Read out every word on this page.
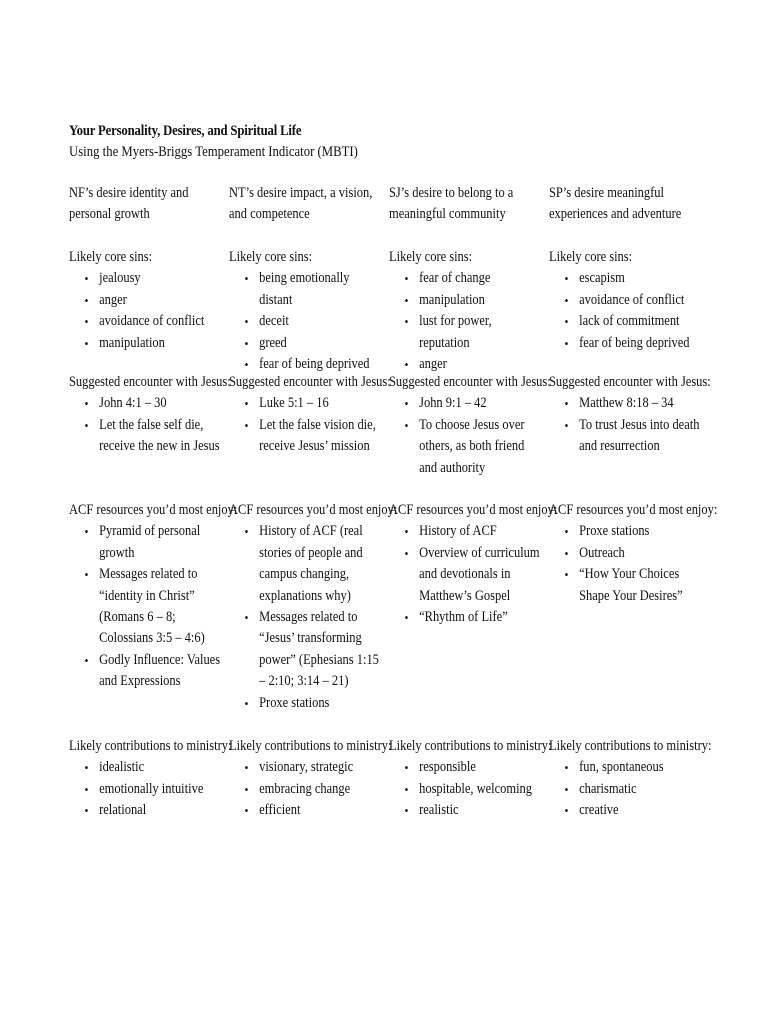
Your Personality, Desires, and Spiritual Life
Using the Myers-Briggs Temperament Indicator (MBTI)
NF’s desire identity and personal growth
Likely core sins:
• jealousy
• anger
• avoidance of conflict
• manipulation
Suggested encounter with Jesus:
• John 4:1 – 30
• Let the false self die, receive the new in Jesus
ACF resources you’d most enjoy:
• Pyramid of personal growth
• Messages related to “identity in Christ” (Romans 6 – 8; Colossians 3:5 – 4:6)
• Godly Influence: Values and Expressions
Likely contributions to ministry:
• idealistic
• emotionally intuitive
• relational
NT’s desire impact, a vision, and competence
Likely core sins:
• being emotionally distant
• deceit
• greed
• fear of being deprived
Suggested encounter with Jesus:
• Luke 5:1 – 16
• Let the false vision die, receive Jesus’ mission
ACF resources you’d most enjoy:
• History of ACF (real stories of people and campus changing, explanations why)
• Messages related to “Jesus’ transforming power” (Ephesians 1:15 – 2:10; 3:14 – 21)
• Proxe stations
Likely contributions to ministry:
• visionary, strategic
• embracing change
• efficient
SJ’s desire to belong to a meaningful community
Likely core sins:
• fear of change
• manipulation
• lust for power, reputation
• anger
Suggested encounter with Jesus:
• John 9:1 – 42
• To choose Jesus over others, as both friend and authority
ACF resources you’d most enjoy:
• History of ACF
• Overview of curriculum and devotionals in Matthew’s Gospel
• “Rhythm of Life”
Likely contributions to ministry:
• responsible
• hospitable, welcoming
• realistic
SP’s desire meaningful experiences and adventure
Likely core sins:
• escapism
• avoidance of conflict
• lack of commitment
• fear of being deprived
Suggested encounter with Jesus:
• Matthew 8:18 – 34
• To trust Jesus into death and resurrection
ACF resources you’d most enjoy:
• Proxe stations
• Outreach
• “How Your Choices Shape Your Desires”
Likely contributions to ministry:
• fun, spontaneous
• charismatic
• creative
